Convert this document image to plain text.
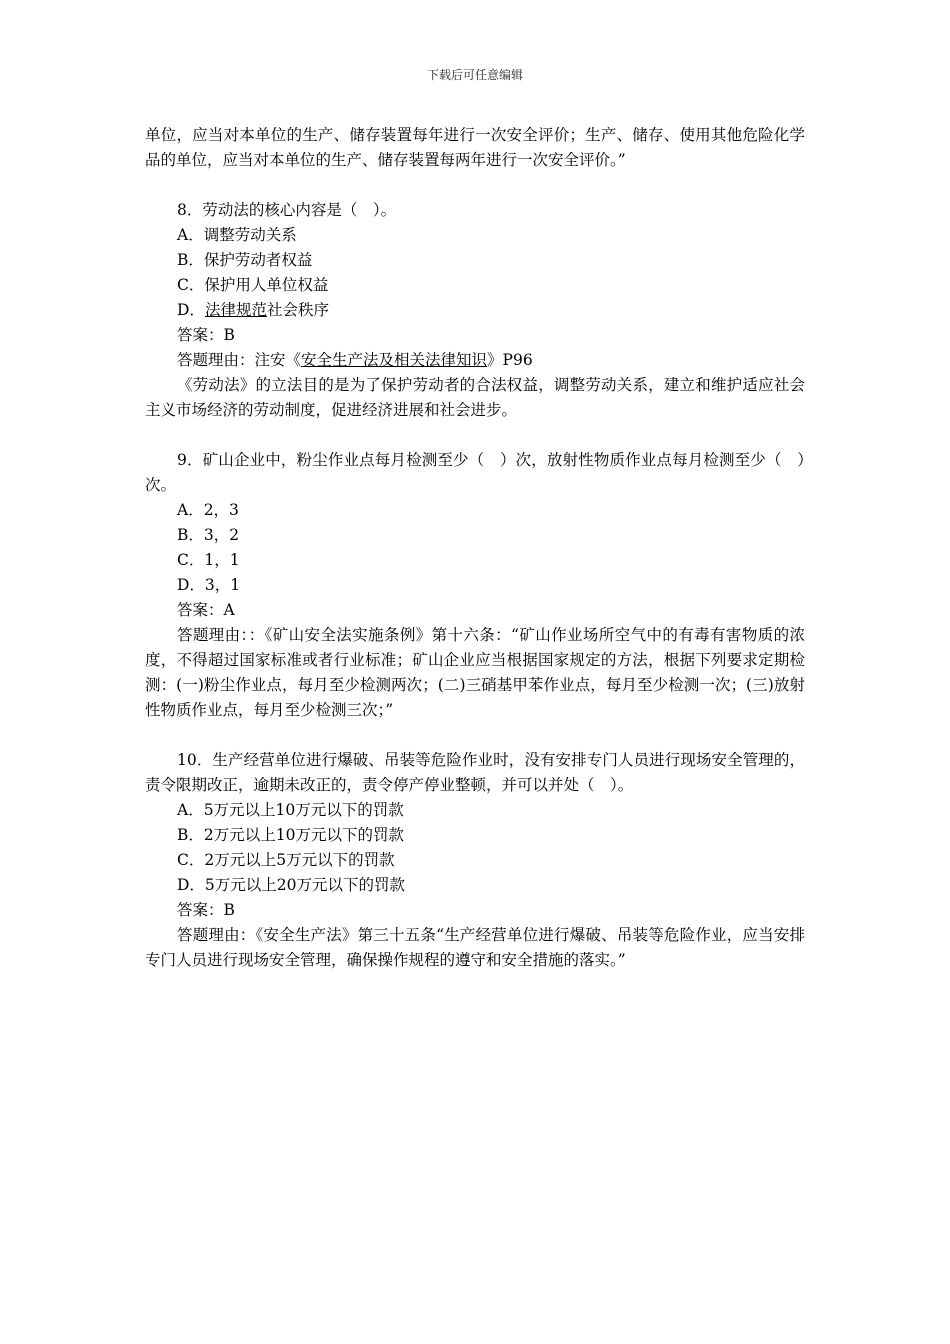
下载后可任意编辑

单位，应当对本单位的生产、储存装置每年进行一次安全评价；生产、储存、使用其他危险化学品的单位，应当对本单位的生产、储存装置每两年进行一次安全评价。”

8．劳动法的核心内容是（　）。

A．调整劳动关系

B．保护劳动者权益

C．保护用人单位权益

D．法律规范社会秩序

答案：B

答题理由：注安《安全生产法及相关法律知识》P96

《劳动法》的立法目的是为了保护劳动者的合法权益，调整劳动关系，建立和维护适应社会主义市场经济的劳动制度，促进经济进展和社会进步。

9．矿山企业中，粉尘作业点每月检测至少（　）次，放射性物质作业点每月检测至少（　）次。

A．2，3

B．3，2

C．1，1

D．3，1

答案：A

答题理由：：《矿山安全法实施条例》第十六条：“矿山作业场所空气中的有毒有害物质的浓度，不得超过国家标准或者行业标准；矿山企业应当根据国家规定的方法，根据下列要求定期检测：(一)粉尘作业点，每月至少检测两次；(二)三硝基甲苯作业点，每月至少检测一次；(三)放射性物质作业点，每月至少检测三次；”

10．生产经营单位进行爆破、吊装等危险作业时，没有安排专门人员进行现场安全管理的，责令限期改正，逾期未改正的，责令停产停业整顿，并可以并处（　）。

A．5万元以上10万元以下的罚款

B．2万元以上10万元以下的罚款

C．2万元以上5万元以下的罚款

D．5万元以上20万元以下的罚款

答案：B

答题理由：《安全生产法》第三十五条“生产经营单位进行爆破、吊装等危险作业，应当安排专门人员进行现场安全管理，确保操作规程的遵守和安全措施的落实。”
